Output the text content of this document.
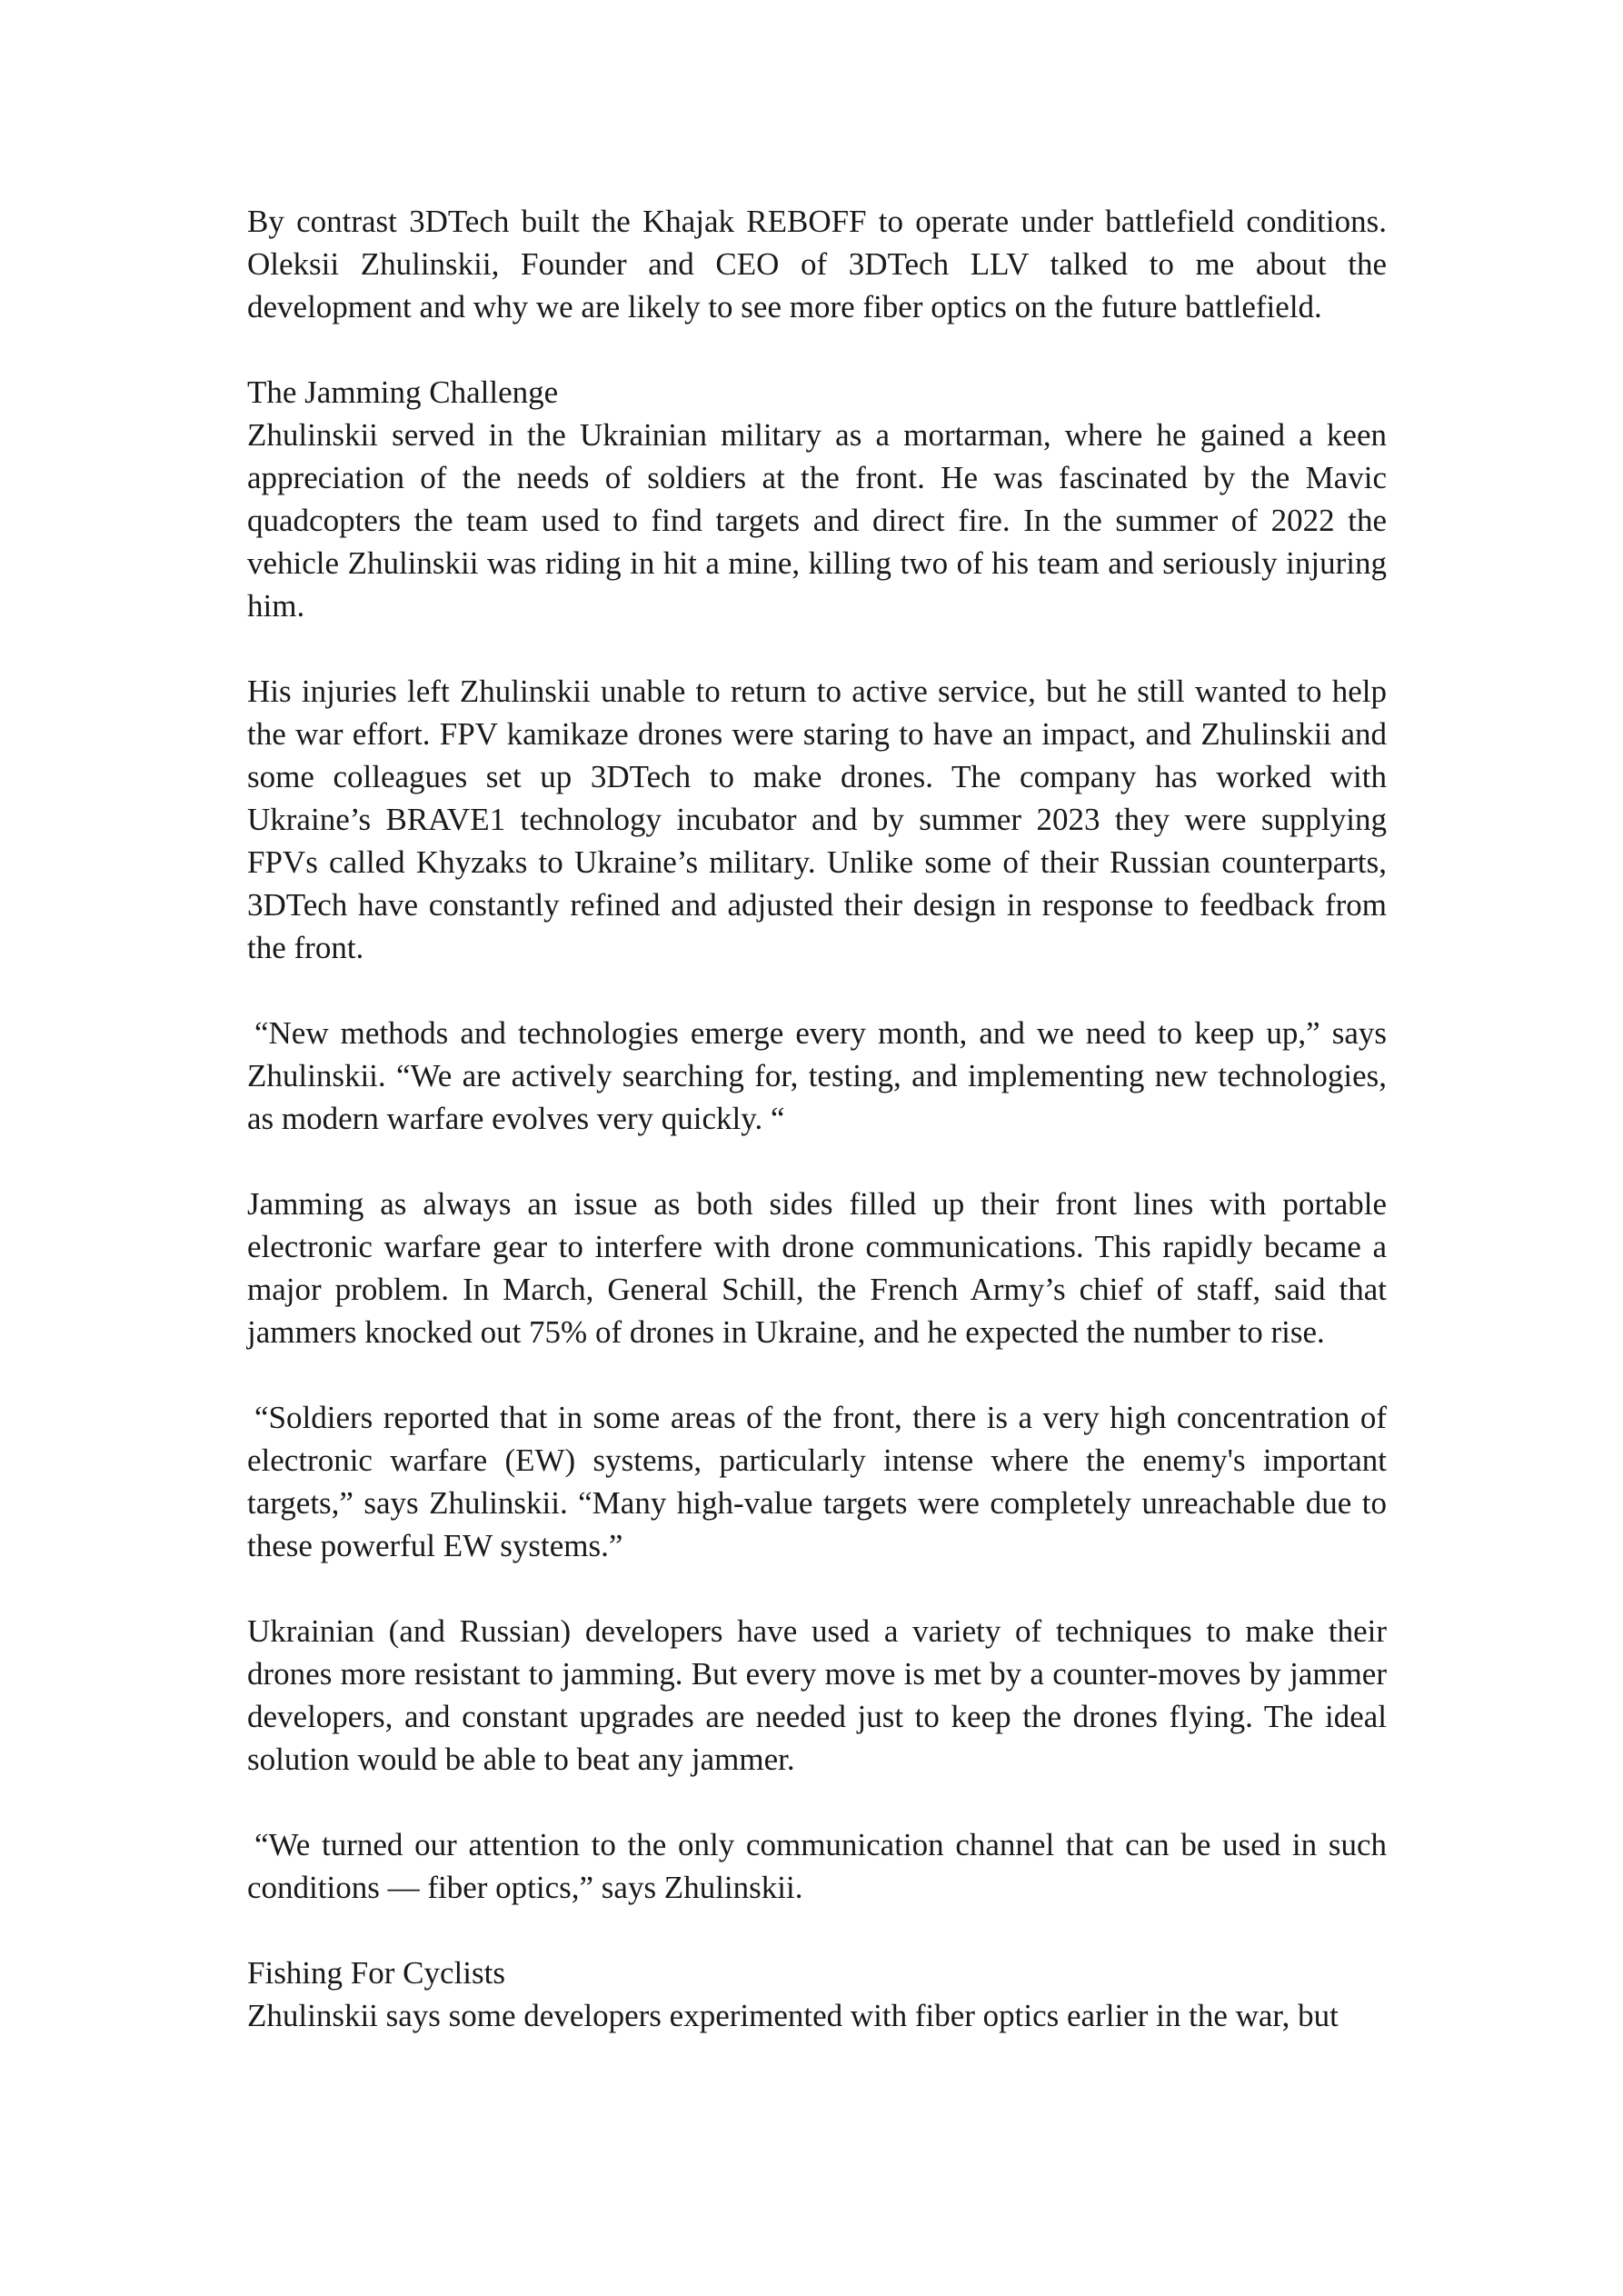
By contrast 3DTech built the Khajak REBOFF to operate under battlefield conditions. Oleksii Zhulinskii, Founder and CEO of 3DTech LLV talked to me about the development and why we are likely to see more fiber optics on the future battlefield.

The Jamming Challenge

Zhulinskii served in the Ukrainian military as a mortarman, where he gained a keen appreciation of the needs of soldiers at the front. He was fascinated by the Mavic quadcopters the team used to find targets and direct fire. In the summer of 2022 the vehicle Zhulinskii was riding in hit a mine, killing two of his team and seriously injuring him.

His injuries left Zhulinskii unable to return to active service, but he still wanted to help the war effort. FPV kamikaze drones were staring to have an impact, and Zhulinskii and some colleagues set up 3DTech to make drones. The company has worked with Ukraine’s BRAVE1 technology incubator and by summer 2023 they were supplying FPVs called Khyzaks to Ukraine’s military. Unlike some of their Russian counterparts, 3DTech have constantly refined and adjusted their design in response to feedback from the front.

“New methods and technologies emerge every month, and we need to keep up,” says Zhulinskii. “We are actively searching for, testing, and implementing new technologies, as modern warfare evolves very quickly. “

Jamming as always an issue as both sides filled up their front lines with portable electronic warfare gear to interfere with drone communications. This rapidly became a major problem. In March, General Schill, the French Army’s chief of staff, said that jammers knocked out 75% of drones in Ukraine, and he expected the number to rise.

“Soldiers reported that in some areas of the front, there is a very high concentration of electronic warfare (EW) systems, particularly intense where the enemy's important targets,” says Zhulinskii. “Many high-value targets were completely unreachable due to these powerful EW systems.”

Ukrainian (and Russian) developers have used a variety of techniques to make their drones more resistant to jamming. But every move is met by a counter-moves by jammer developers, and constant upgrades are needed just to keep the drones flying. The ideal solution would be able to beat any jammer.

“We turned our attention to the only communication channel that can be used in such conditions — fiber optics,” says Zhulinskii.

Fishing For Cyclists

Zhulinskii says some developers experimented with fiber optics earlier in the war, but
